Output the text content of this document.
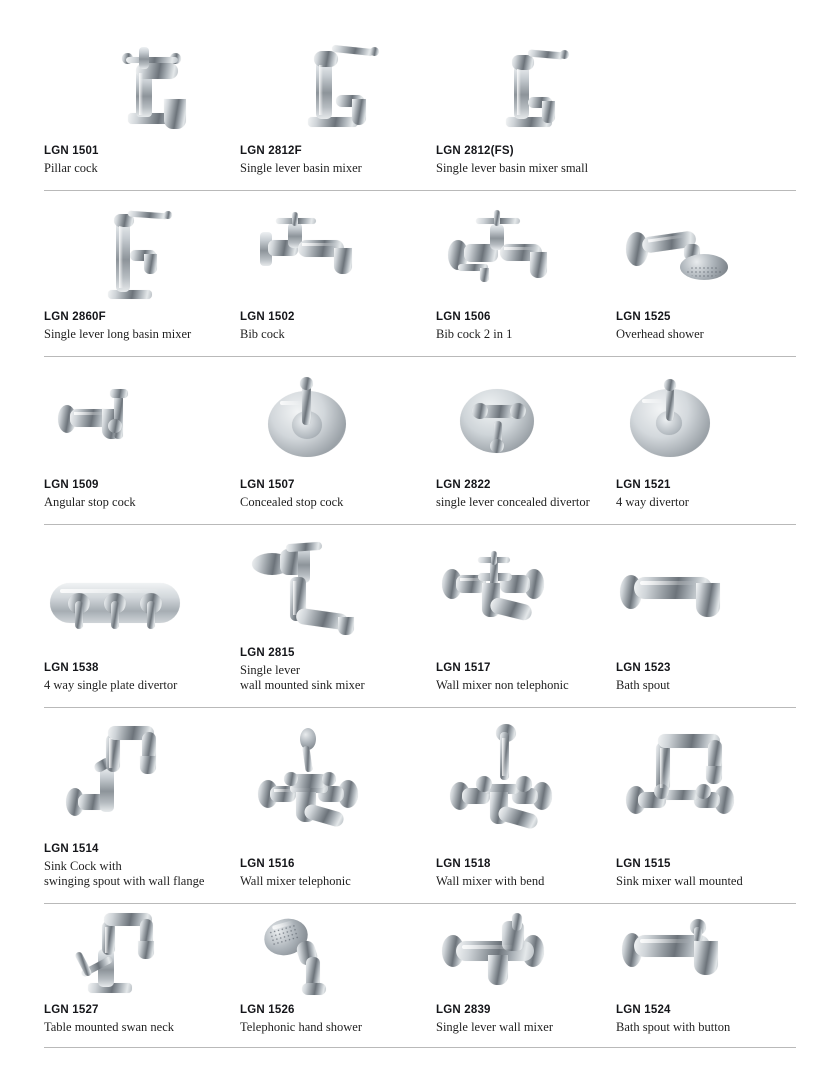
LGN 1501
Pillar cock
LGN 2812F
Single lever basin mixer
LGN 2812(FS)
Single lever basin mixer small
LGN 2860F
Single lever long basin mixer
LGN 1502
Bib cock
LGN 1506
Bib cock 2 in 1
LGN 1525
Overhead shower
LGN 1509
Angular stop cock
LGN 1507
Concealed stop cock
LGN 2822
single lever concealed divertor
LGN 1521
4 way divertor
LGN 1538
4 way single plate divertor
LGN 2815
Single lever
wall mounted sink mixer
LGN 1517
Wall mixer non telephonic
LGN 1523
Bath spout
LGN 1514
Sink Cock with
swinging spout with wall flange
LGN 1516
Wall mixer telephonic
LGN 1518
Wall mixer with bend
LGN 1515
Sink mixer wall mounted
LGN 1527
Table mounted swan neck
LGN 1526
Telephonic hand shower
LGN 2839
Single lever wall mixer
LGN 1524
Bath spout with button
